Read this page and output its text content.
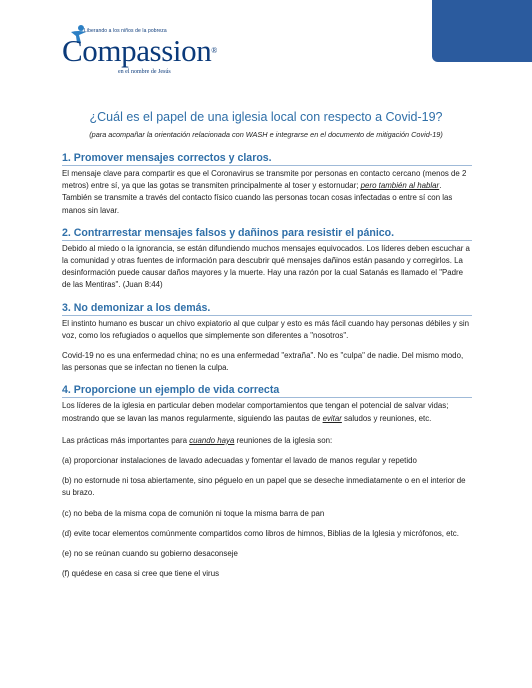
Liberando a los niños de la pobreza
Compassion®
en el nombre de Jesús
¿Cuál es el papel de una iglesia local con respecto a Covid-19?
(para acompañar la orientación relacionada con WASH e integrarse en el documento de mitigación Covid-19)
1. Promover mensajes correctos y claros.
El mensaje clave para compartir es que el Coronavirus se transmite por personas en contacto cercano (menos de 2 metros) entre sí, ya que las gotas se transmiten principalmente al toser y estornudar; pero también al hablar. También se transmite a través del contacto físico cuando las personas tocan cosas infectadas o entre sí con las manos sin lavar.
2. Contrarrestar mensajes falsos y dañinos para resistir el pánico.
Debido al miedo o la ignorancia, se están difundiendo muchos mensajes equivocados. Los líderes deben escuchar a la comunidad y otras fuentes de información para descubrir qué mensajes dañinos están pasando y corregirlos. La desinformación puede causar daños mayores y la muerte. Hay una razón por la cual Satanás es llamado el "Padre de las Mentiras". (Juan 8:44)
3. No demonizar a los demás.
El instinto humano es buscar un chivo expiatorio al que culpar y esto es más fácil cuando hay personas débiles y sin voz, como los refugiados o aquellos que simplemente son diferentes a "nosotros".
Covid-19 no es una enfermedad china; no es una enfermedad "extraña". No es "culpa" de nadie. Del mismo modo, las personas que se infectan no tienen la culpa.
4. Proporcione un ejemplo de vida correcta
Los líderes de la iglesia en particular deben modelar comportamientos que tengan el potencial de salvar vidas; mostrando que se lavan las manos regularmente, siguiendo las pautas de evitar saludos y reuniones, etc.
Las prácticas más importantes para cuando haya reuniones de la iglesia son:
(a) proporcionar instalaciones de lavado adecuadas y fomentar el lavado de manos regular y repetido
(b) no estornude ni tosa abiertamente, sino péguelo en un papel que se deseche inmediatamente o en el interior de su brazo.
(c) no beba de la misma copa de comunión ni toque la misma barra de pan
(d) evite tocar elementos comúnmente compartidos como libros de himnos, Biblias de la Iglesia y micrófonos, etc.
(e) no se reúnan cuando su gobierno desaconseje
(f) quédese en casa si cree que tiene el virus
